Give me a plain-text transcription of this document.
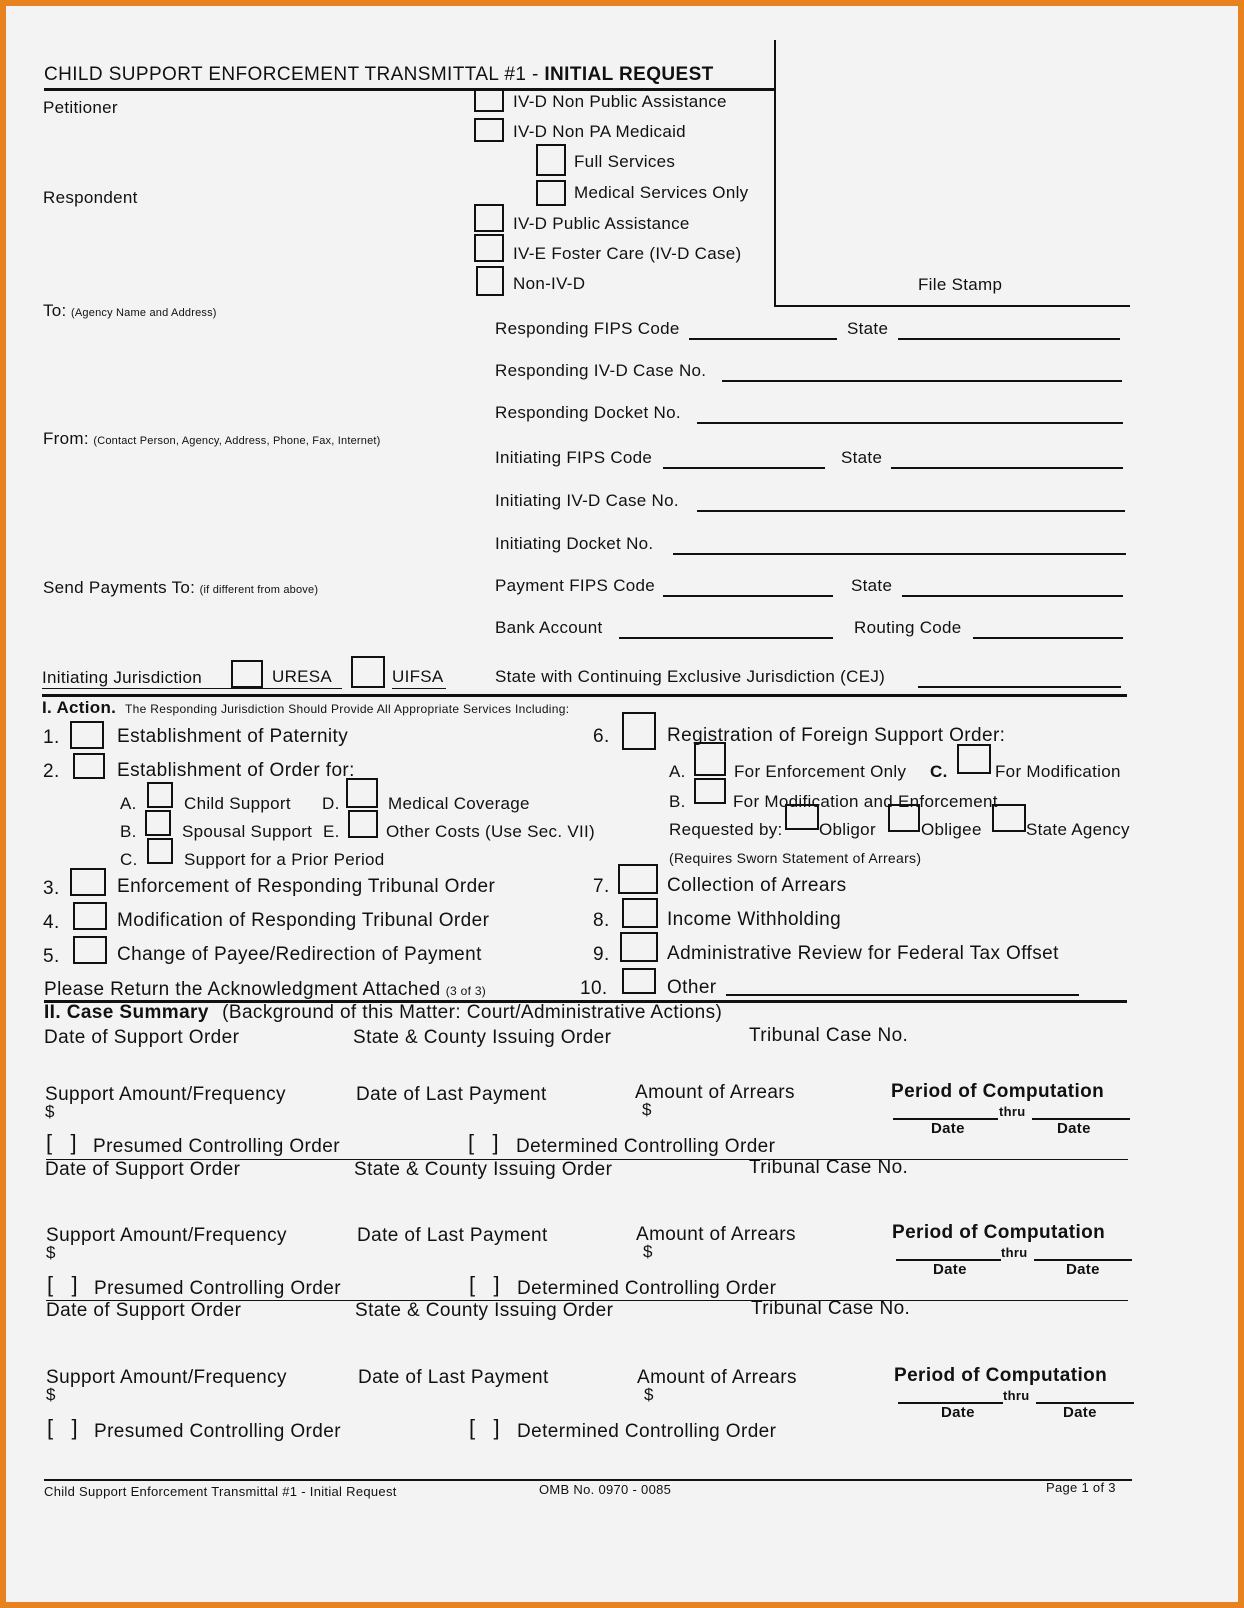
CHILD SUPPORT ENFORCEMENT TRANSMITTAL #1 - INITIAL REQUEST
File Stamp
Petitioner
Respondent
IV-D Non Public Assistance
IV-D Non PA Medicaid
Full Services
Medical Services Only
IV-D Public Assistance
IV-E Foster Care (IV-D Case)
Non-IV-D
To: (Agency Name and Address)
From: (Contact Person, Agency, Address, Phone, Fax, Internet)
Send Payments To: (if different from above)
Responding FIPS Code	State
Responding IV-D Case No.
Responding Docket No.
Initiating FIPS Code	State
Initiating IV-D Case No.
Initiating Docket No.
Payment FIPS Code	State
Bank Account	Routing Code
Initiating Jurisdiction	URESA	UIFSA	State with Continuing Exclusive Jurisdiction (CEJ)
I. Action. The Responding Jurisdiction Should Provide All Appropriate Services Including:
1.	Establishment of Paternity
2.	Establishment of Order for:
A.	Child Support D.	Medical Coverage
B.	Spousal Support E.	Other Costs (Use Sec. VII)
C.	Support for a Prior Period
3.	Enforcement of Responding Tribunal Order
4.	Modification of Responding Tribunal Order
5.	Change of Payee/Redirection of Payment
6.	Registration of Foreign Support Order:
A.	For Enforcement Only C.	For Modification
B.	For Modification and Enforcement
Requested by: Obligor	Obligee	State Agency
(Requires Sworn Statement of Arrears)
7.	Collection of Arrears
8.	Income Withholding
9.	Administrative Review for Federal Tax Offset
Please Return the Acknowledgment Attached (3 of 3)	10.	Other
II. Case Summary (Background of this Matter: Court/Administrative Actions)
Date of Support Order	State & County Issuing Order	Tribunal Case No.
Support Amount/Frequency
$
Date of Last Payment	Amount of Arrears
$
Period of Computation
thru
Date	Date
[   ] Presumed Controlling Order	[   ] Determined Controlling Order
Date of Support Order	State & County Issuing Order	Tribunal Case No.
Support Amount/Frequency
$
Date of Last Payment	Amount of Arrears
$
Period of Computation
thru
Date	Date
[   ] Presumed Controlling Order	[   ] Determined Controlling Order
Date of Support Order	State & County Issuing Order	Tribunal Case No.
Support Amount/Frequency
$
Date of Last Payment	Amount of Arrears
$
Period of Computation
thru
Date	Date
[   ] Presumed Controlling Order	[   ] Determined Controlling Order
Child Support Enforcement Transmittal #1 - Initial Request	OMB No. 0970 - 0085	Page 1 of 3
